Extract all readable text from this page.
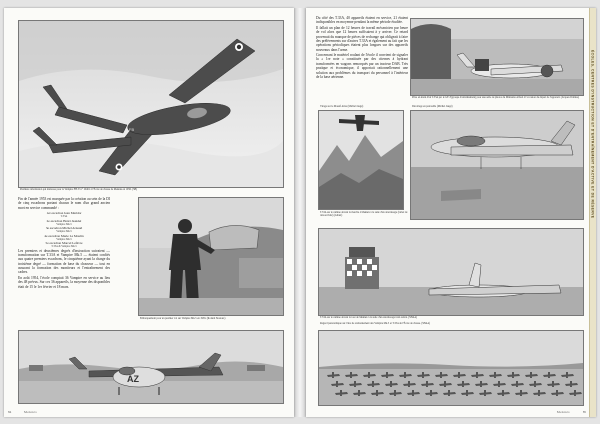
FB
Première réformation qui intéresse pour le Vampire FB.5! n° 10461 à l'École de chasse de Meknès en 1956. (SB)

Fin de l'année 1953 est marquée par la création au sein de la DI de cinq escadrons portant chacun le nom d'un grand ancien mort en service commandé :

1er escadron Jean Maridor
T.33A
2e escadron Henri Jeandet
Vampire Mk.5
3e escadron Michel Arnaud
Vampire Mk.5
4e escadron Marie La Moulin
Vampire Mk.5
5e escadron Marcel Lefèvre
T.33A & Vampire Mk.5

Les premiers et deuxièmes degrés d'instruction suivaient — transformation sur T.33A et Vampire Mk.5 — étaient confiés aux quatre premiers escadrons, le cinquième ayant la charge du troisième degré — formation de base du chasseur — tout en assurant la formation des moniteurs et l'entraînement des cadres.

En août 1954, l'école comptait 36 Vampire en service au lieu des 48 prévus. Sur ces 36 appareils, la moyenne des disponibles était de 15 le 1er février et 18 mars.

Embarquement pour un premier vol sur Vampire Mk.5 en 1956. (Roland Nestoux)
AZ
84	Meknès

Du côté des T.33A, 40 appareils étaient en service, 21 étaient indisponibles en moyenne pendant la même période étudiée.

Il fallait un plan de 12 heures de travail mécanicien par heure de vol alors que 12 heures suffisaient à y arriver. Ce retard provenait du manque de pièces de rechange qui obligeait à faire des prélèvements sur d'autres T.33A et également au fait que les opérations périodiques étaient plus longues sur des appareils nouveaux dans l'arme.

Concernant le matériel roulant de l'école il convient de signaler la « 1re note » constituée par des citernes à hydrant transformées en wagons remorqués par un tracteur DAB. Très pratique et économique, il apportait rationnellement une solution aux problèmes du transport du personnel à l'intérieur de la base aérienne.

Prise en main d'un T.33A par le GE d'(groupe d'entraînement) pour une série de photos du Ministère Alfred à l'occasion du départ de l'appareil. (Jacques Dalmas)
Virage sur le Massif Atlas (Michel Jaugé)	Décollage en patrouille (Michel Jaugé)
T.33A sur le rumine devant la marche à Meknès à la suite d'un atterrissage (Gibet de rétroactivité) (Gibiet)
T.33A sur le rumine devant la tour de Meknès à la suite d'un atterrissage train rentré. (SHAA)
Regard panoramique sur l'aire de stationnement des Vampire Mk.5 et T.33A de l'École de chasse. (SHAA)
ÉCOLES, CENTRES D'INSTRUCTION ET D'ENTRAÎNEMENT D'ACTIVE ET DE RÉSERVE
Meknès	85
